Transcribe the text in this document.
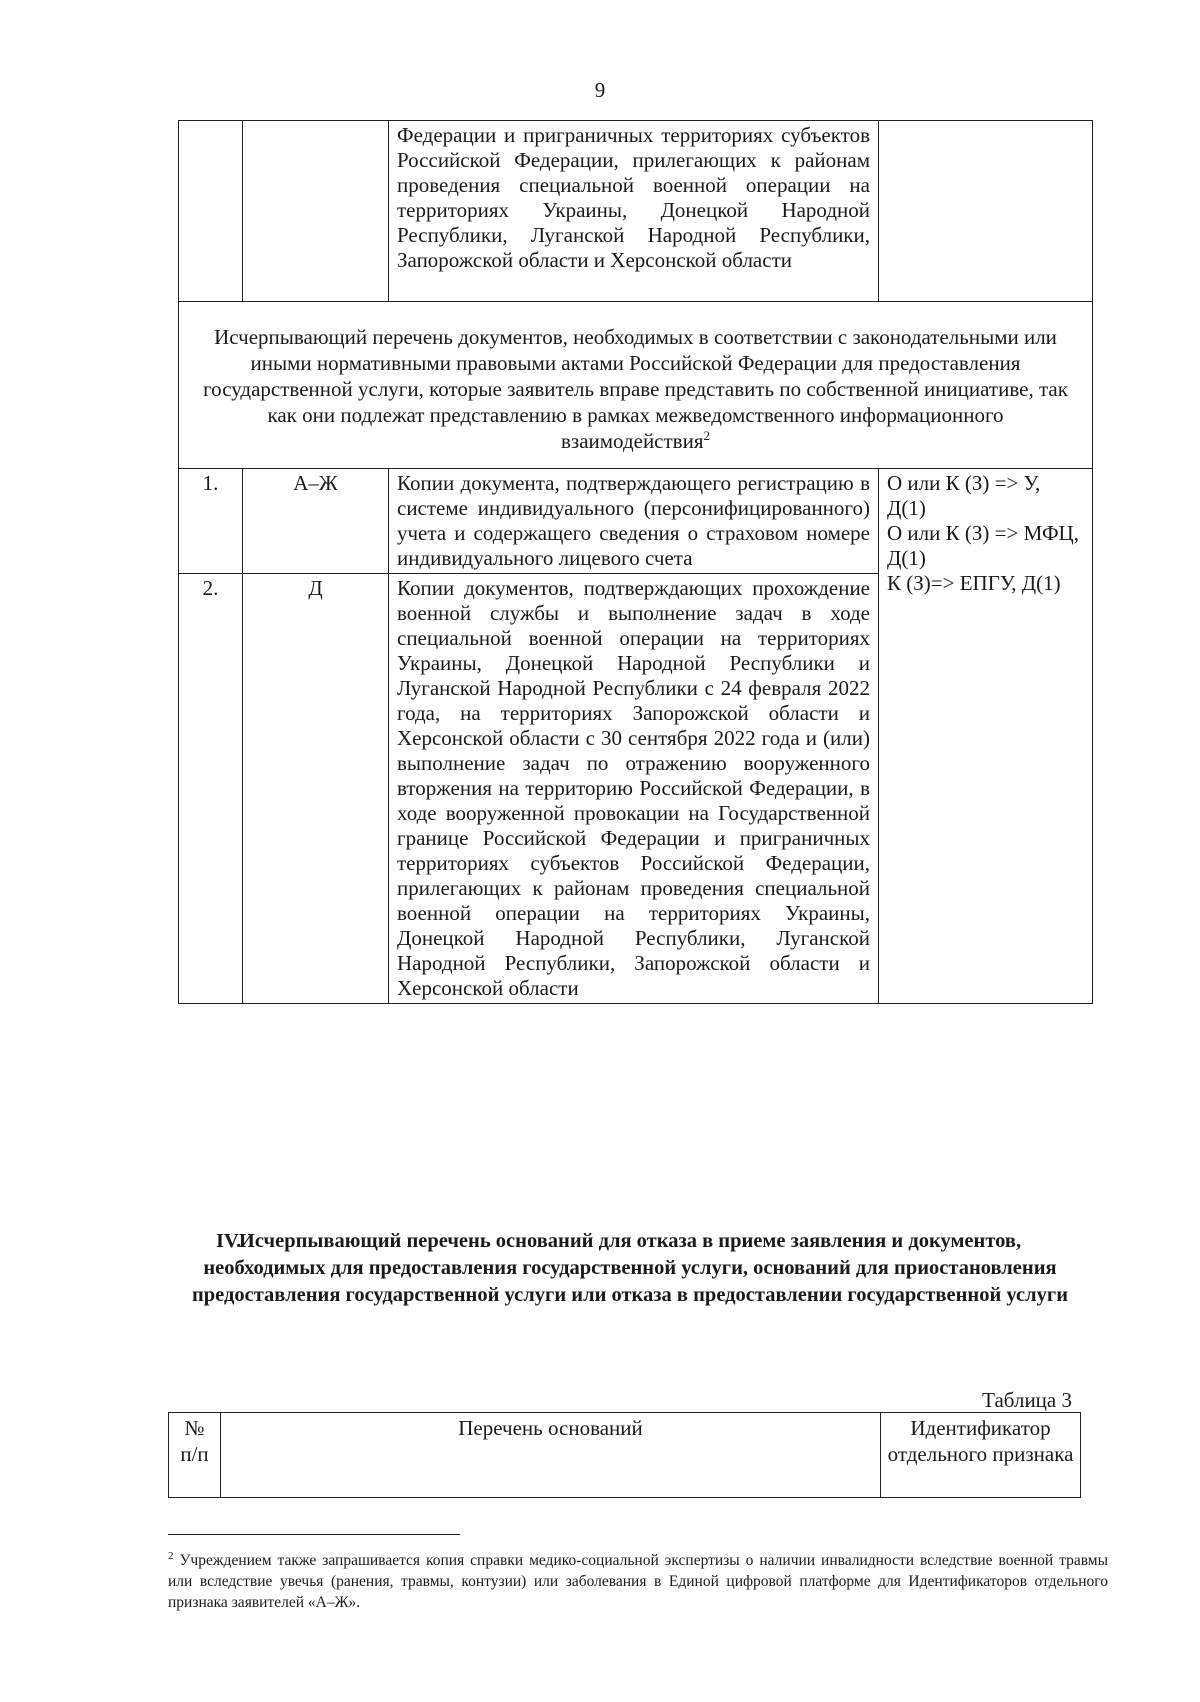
9
		Федерации и приграничных территориях субъектов Российской Федерации, прилегающих к районам проведения специальной военной операции на территориях Украины, Донецкой Народной Республики, Луганской Народной Республики, Запорожской области и Херсонской области	
Исчерпывающий перечень документов, необходимых в соответствии с законодательными или иными нормативными правовыми актами Российской Федерации для предоставления государственной услуги, которые заявитель вправе представить по собственной инициативе, так как они подлежат представлению в рамках межведомственного информационного взаимодействия$^2$
1.	А–Ж	Копии документа, подтверждающего регистрацию в системе индивидуального (персонифицированного) учета и содержащего сведения о страховом номере индивидуального лицевого счета	О или К (З) => У, Д(1)
О или К (З) => МФЦ, Д(1)
К (З)=> ЕПГУ, Д(1)

2.	Д	Копии документов, подтверждающих прохождение военной службы и выполнение задач в ходе специальной военной операции на территориях Украины, Донецкой Народной Республики и Луганской Народной Республики с 24 февраля 2022 года, на территориях Запорожской области и Херсонской области с 30 сентября 2022 года и (или) выполнение задач по отражению вооруженного вторжения на территорию Российской Федерации, в ходе вооруженной провокации на Государственной границе Российской Федерации и приграничных территориях субъектов Российской Федерации, прилегающих к районам проведения специальной военной операции на территориях Украины, Донецкой Народной Республики, Луганской Народной Республики, Запорожской области и Херсонской области	
IV.
Исчерпывающий перечень оснований для отказа в приеме заявления и документов, необходимых для предоставления государственной услуги, оснований для приостановления предоставления государственной услуги или отказа в предоставлении государственной услуги
Таблица 3
№ п/п	Перечень оснований	Идентификатор отдельного признака
$^2$ Учреждением также запрашивается копия справки медико-социальной экспертизы о наличии инвалидности вследствие военной травмы или вследствие увечья (ранения, травмы, контузии) или заболевания в Единой цифровой платформе для Идентификаторов отдельного признака заявителей «А–Ж».
